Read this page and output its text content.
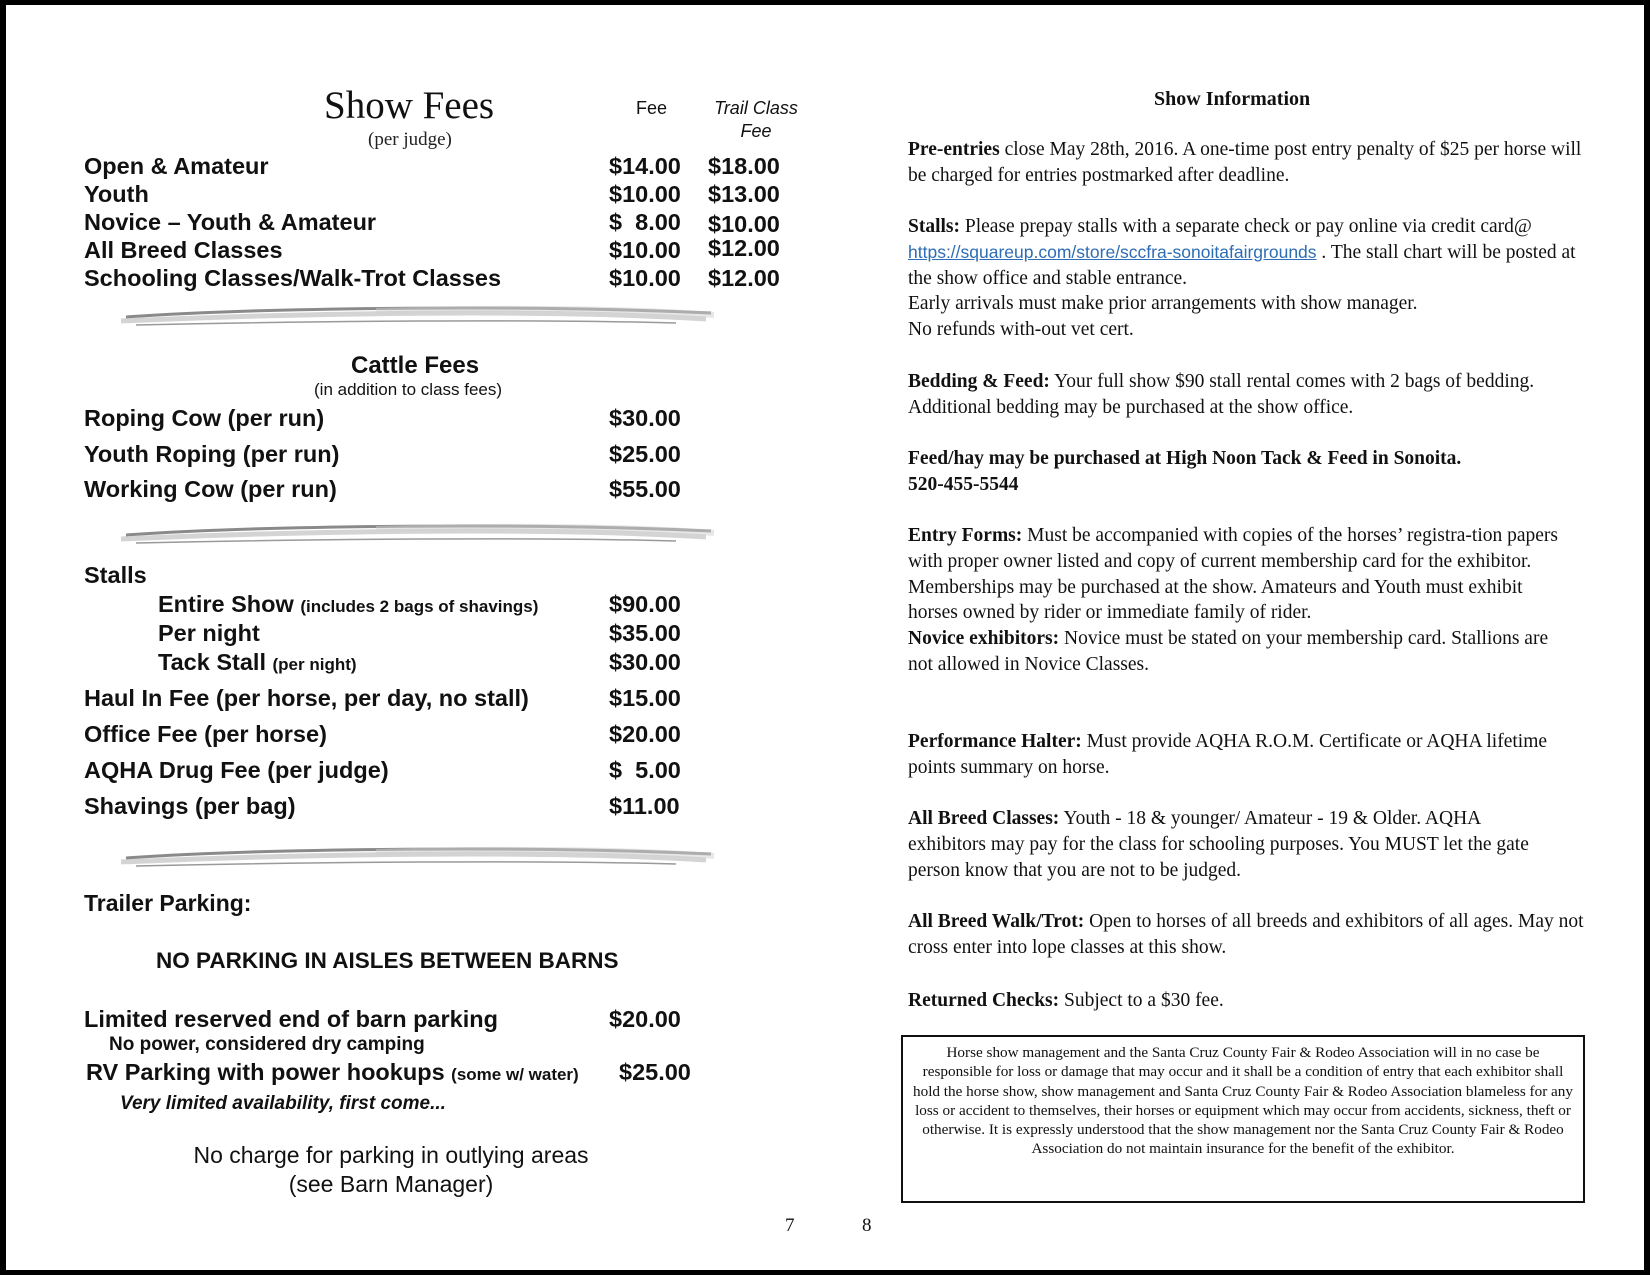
Show Fees
(per judge)
Fee	Trail Class
Fee
Open & Amateur	$14.00 $18.00
Youth	$10.00 $13.00
Novice – Youth & Amateur	$  8.00 $10.00
All Breed Classes	$10.00 $12.00
Schooling Classes/Walk-Trot Classes	$10.00 $12.00
Cattle Fees
(in addition to class fees)
Roping Cow (per run)	$30.00
Youth Roping (per run)	$25.00
Working Cow (per run)	$55.00
Stalls
Entire Show (includes 2 bags of shavings)	$90.00
Per night	$35.00
Tack Stall (per night)	$30.00
Haul In Fee (per horse, per day, no stall)	$15.00
Office Fee (per horse)	$20.00
AQHA Drug Fee (per judge)	$  5.00
Shavings (per bag)	$11.00
Trailer Parking:
NO PARKING IN AISLES BETWEEN BARNS
Limited reserved end of barn parking	$20.00
No power, considered dry camping
RV Parking with power hookups (some w/ water) $25.00
Very limited availability, first come...
No charge for parking in outlying areas
(see Barn Manager)
7	8
Show Information
Pre-entries close May 28th, 2016. A one-time post entry penalty of $25 per horse will be charged for entries postmarked after deadline.
Stalls: Please prepay stalls with a separate check or pay online via credit card@ https://squareup.com/store/sccfra-sonoitafairgrounds . The stall chart will be posted at the show office and stable entrance.
Early arrivals must make prior arrangements with show manager.
No refunds with-out vet cert.
Bedding & Feed: Your full show $90 stall rental comes with 2 bags of bedding. Additional bedding may be purchased at the show office.
Feed/hay may be purchased at High Noon Tack & Feed in Sonoita.
520-455-5544
Entry Forms: Must be accompanied with copies of the horses’ registra-tion papers with proper owner listed and copy of current membership card for the exhibitor. Memberships may be purchased at the show. Amateurs and Youth must exhibit horses owned by rider or immediate family of rider.
Novice exhibitors: Novice must be stated on your membership card. Stallions are not allowed in Novice Classes.
Performance Halter: Must provide AQHA R.O.M. Certificate or AQHA lifetime points summary on horse.
All Breed Classes: Youth - 18 & younger/ Amateur - 19 & Older. AQHA exhibitors may pay for the class for schooling purposes. You MUST let the gate person know that you are not to be judged.
All Breed Walk/Trot: Open to horses of all breeds and exhibitors of all ages. May not cross enter into lope classes at this show.
Returned Checks: Subject to a $30 fee.
Horse show management and the Santa Cruz County Fair & Rodeo Association will in no case be responsible for loss or damage that may occur and it shall be a condition of entry that each exhibitor shall hold the horse show, show management and Santa Cruz County Fair & Rodeo Association blameless for any loss or accident to themselves, their horses or equipment which may occur from accidents, sickness, theft or otherwise. It is expressly understood that the show management nor the Santa Cruz County Fair & Rodeo Association do not maintain insurance for the benefit of the exhibitor.
